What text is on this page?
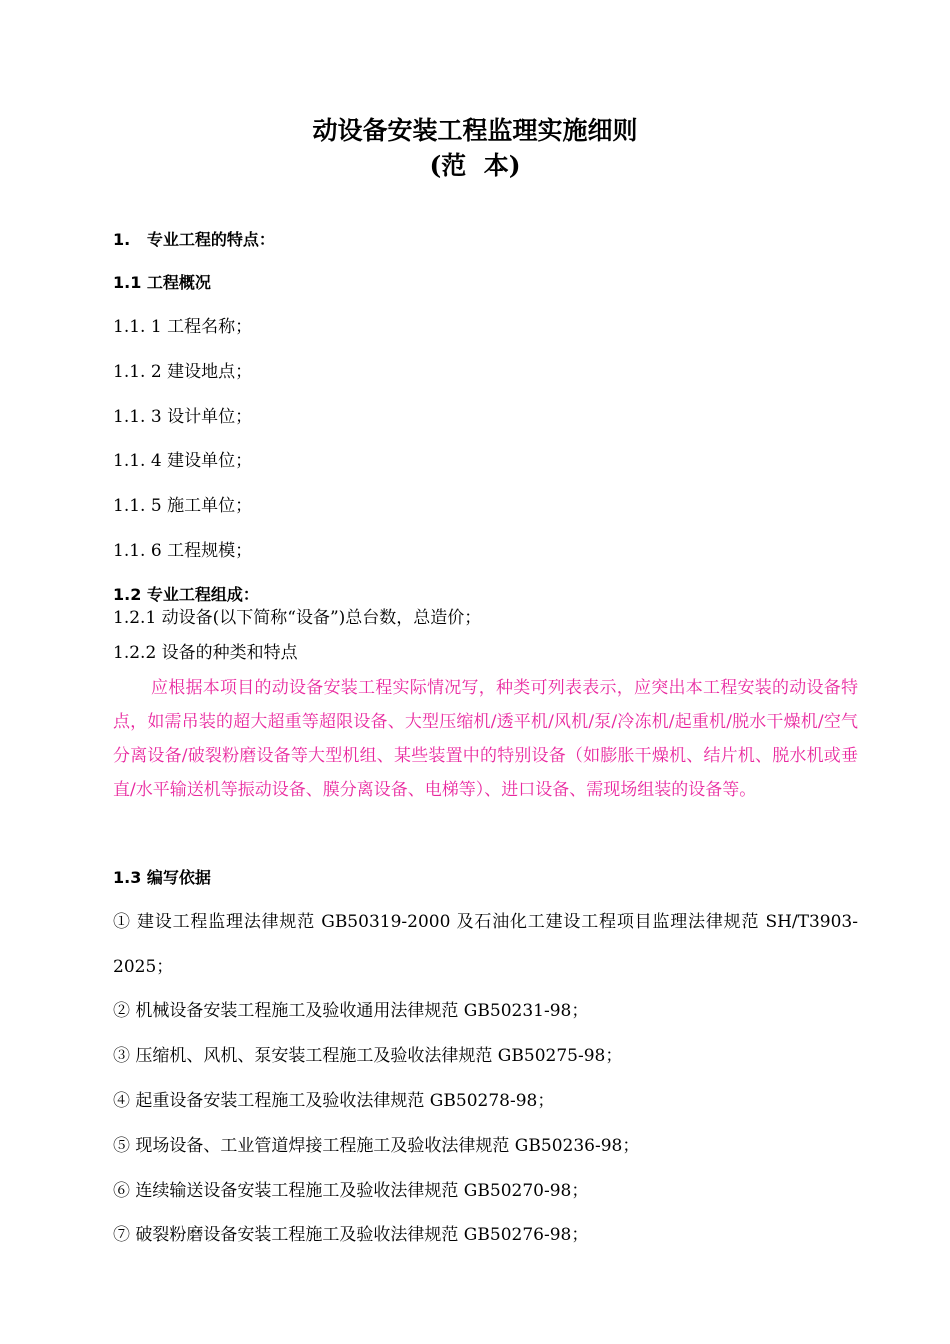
动设备安装工程监理实施细则
(范  本)
1.   专业工程的特点：
1.1 工程概况
1.1. 1 工程名称；
1.1. 2 建设地点；
1.1. 3 设计单位；
1.1. 4 建设单位；
1.1. 5 施工单位；
1.1. 6 工程规模；
1.2 专业工程组成：
1.2.1 动设备(以下简称“设备”)总台数，总造价；
1.2.2 设备的种类和特点

应根据本项目的动设备安装工程实际情况写，种类可列表表示，应突出本工程安装的动设备特点，如需吊装的超大超重等超限设备、大型压缩机/透平机/风机/泵/冷冻机/起重机/脱水干燥机/空气分离设备/破裂粉磨设备等大型机组、某些装置中的特别设备（如膨胀干燥机、结片机、脱水机或垂直/水平输送机等振动设备、膜分离设备、电梯等）、进口设备、需现场组装的设备等。

1.3 编写依据

① 建设工程监理法律规范 GB50319-2000 及石油化工建设工程项目监理法律规范 SH/T3903-2025；

② 机械设备安装工程施工及验收通用法律规范 GB50231-98；
③ 压缩机、风机、泵安装工程施工及验收法律规范 GB50275-98；
④ 起重设备安装工程施工及验收法律规范 GB50278-98；
⑤ 现场设备、工业管道焊接工程施工及验收法律规范 GB50236-98；
⑥ 连续输送设备安装工程施工及验收法律规范 GB50270-98；
⑦ 破裂粉磨设备安装工程施工及验收法律规范 GB50276-98；
